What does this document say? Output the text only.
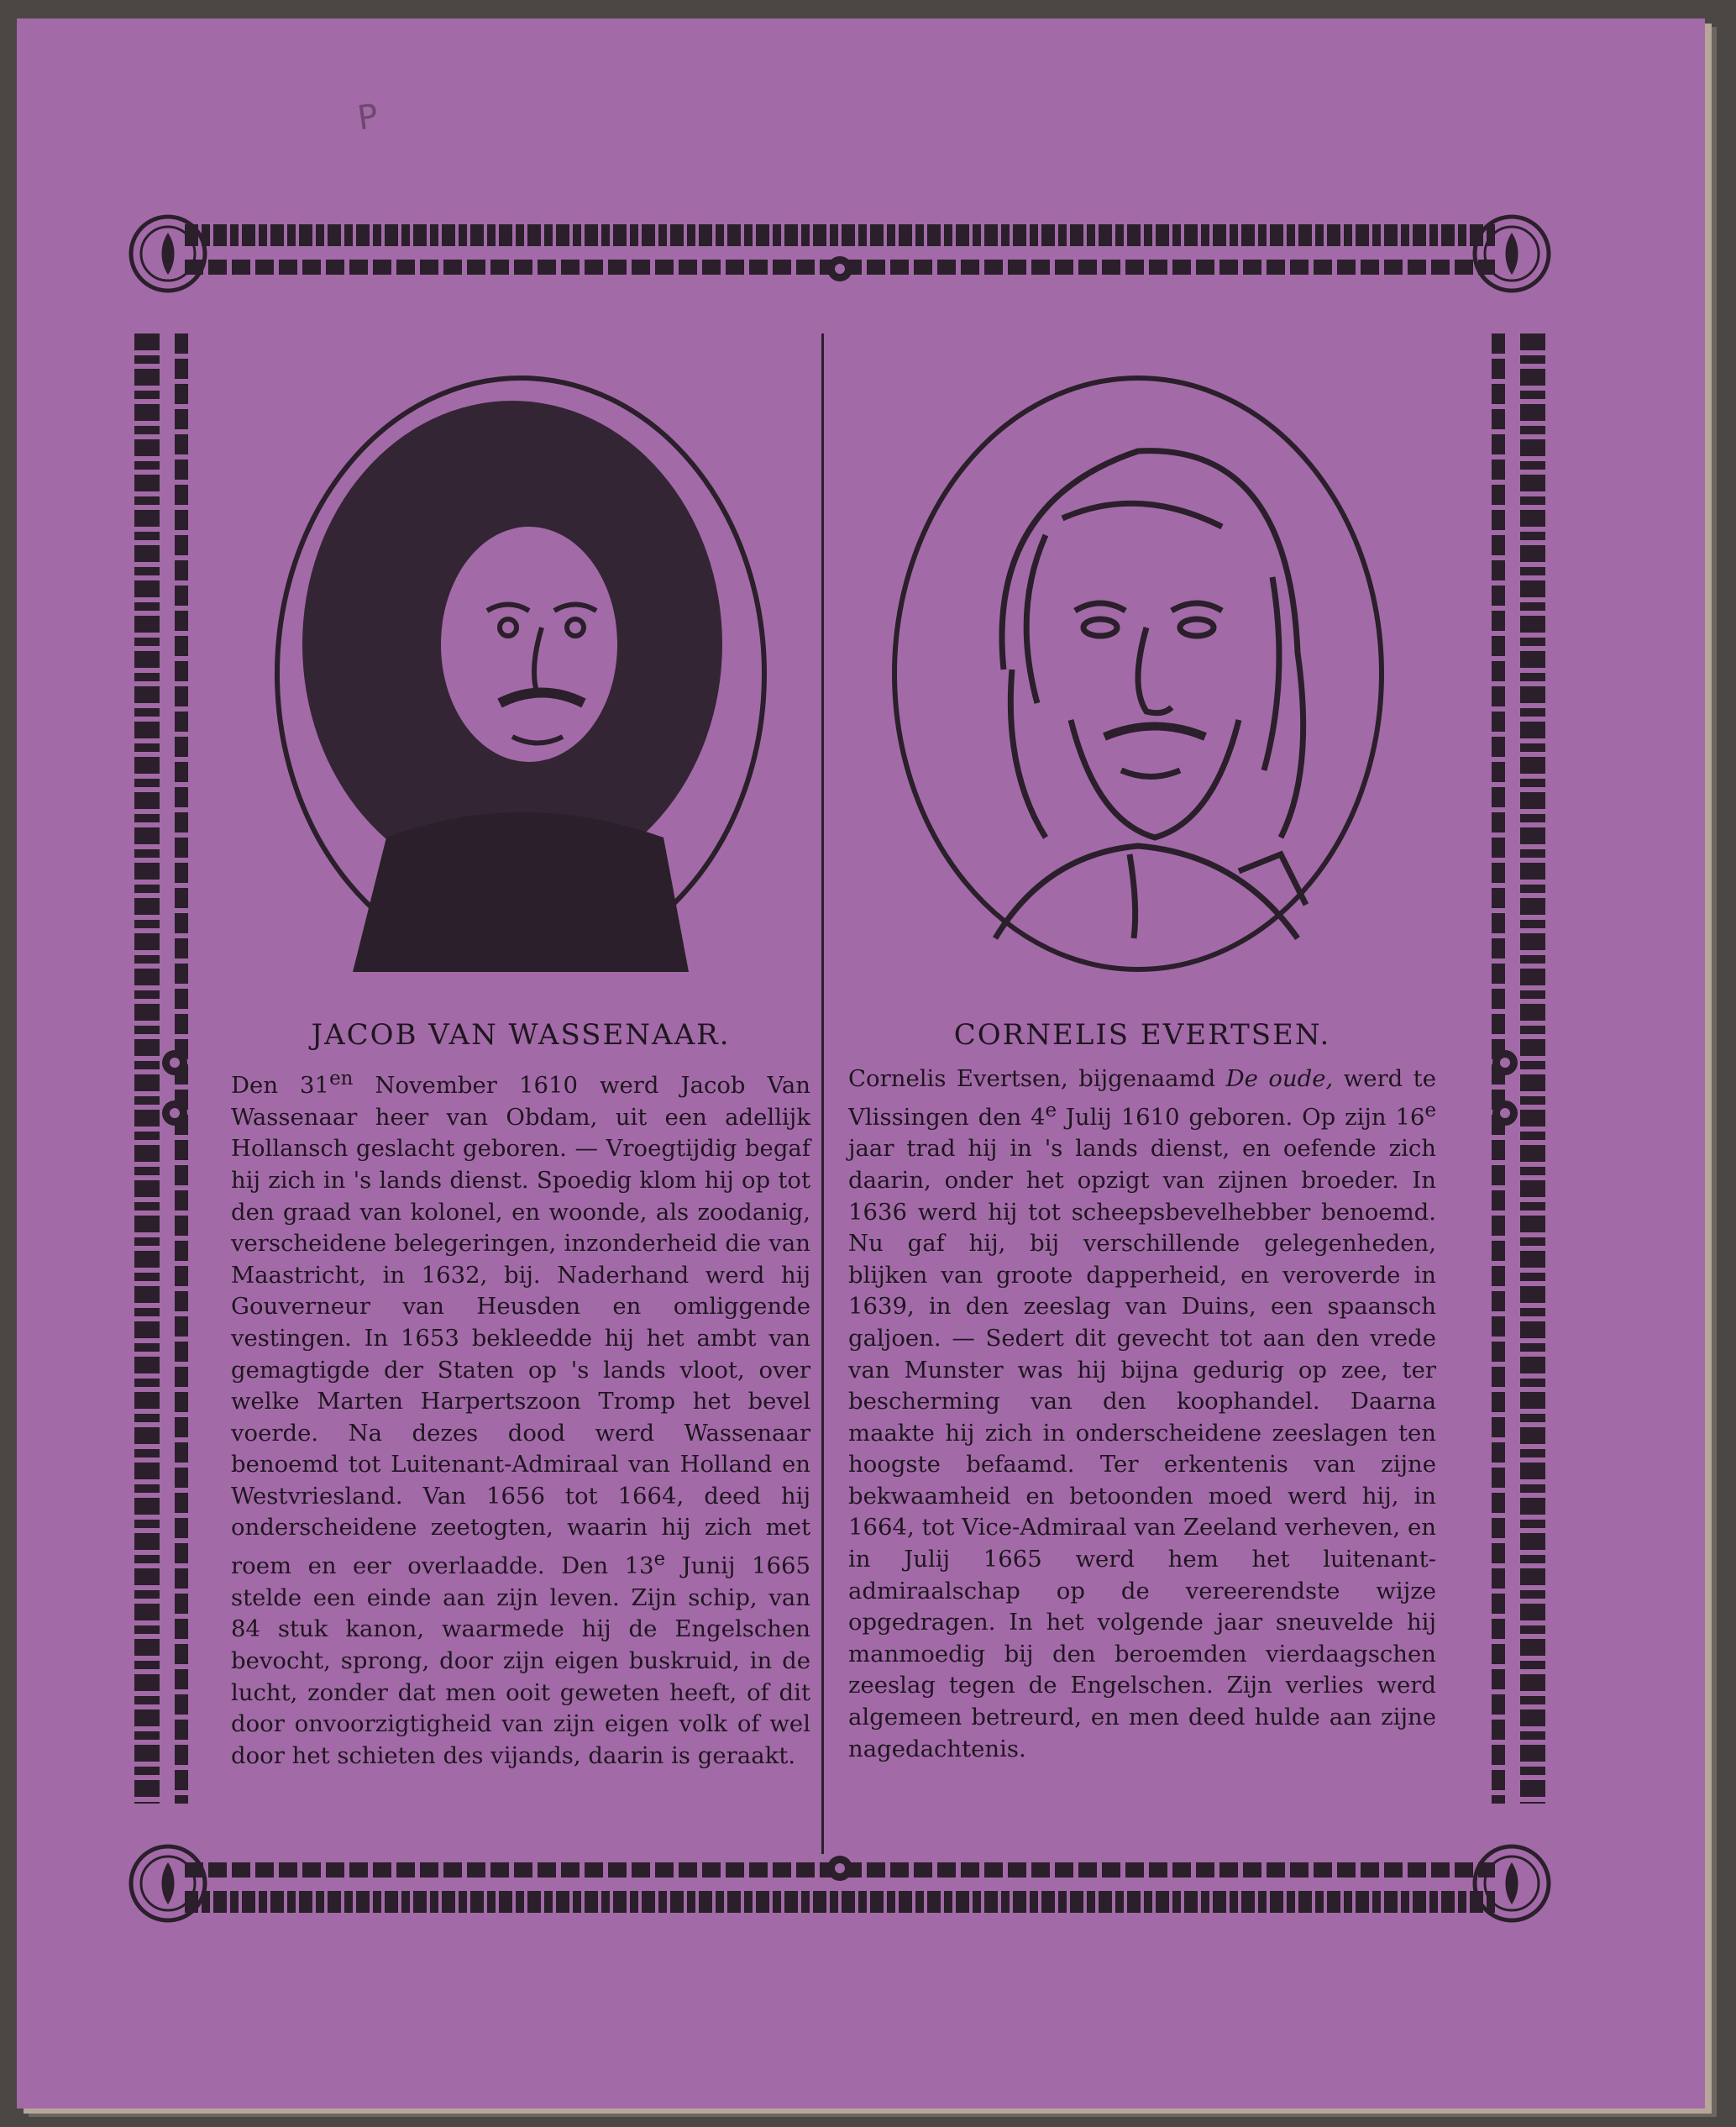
P
JACOB VAN WASSENAAR.

Den $31^{en}$ November 1610 werd Jacob Van Wassenaar heer van Obdam, uit een adellijk Hollansch geslacht geboren. — Vroegtijdig begaf hij zich in 's lands dienst. Spoedig klom hij op tot den graad van kolonel, en woonde, als zoodanig, verscheidene belegeringen, inzonderheid die van Maastricht, in 1632, bij. Naderhand werd hij Gouverneur van Heusden en omliggende vestingen. In 1653 bekleedde hij het ambt van gemagtigde der Staten op 's lands vloot, over welke Marten Harpertszoon Tromp het bevel voerde. Na dezes dood werd Wassenaar benoemd tot Luitenant-Admiraal van Holland en Westvriesland. Van 1656 tot 1664, deed hij onderscheidene zeetogten, waarin hij zich met roem en eer overlaadde. Den 13e Junij 1665 stelde een einde aan zijn leven. Zijn schip, van 84 stuk kanon, waarmede hij de Engelschen bevocht, sprong, door zijn eigen buskruid, in de lucht, zonder dat men ooit geweten heeft, of dit door onvoorzigtigheid van zijn eigen volk of wel door het schieten des vijands, daarin is geraakt.

CORNELIS EVERTSEN.

Cornelis Evertsen, bijgenaamd De oude, werd te Vlissingen den 4e Julij 1610 geboren. Op zijn 16e jaar trad hij in 's lands dienst, en oefende zich daarin, onder het opzigt van zijnen broeder. In 1636 werd hij tot scheepsbevelhebber benoemd. Nu gaf hij, bij verschillende gelegenheden, blijken van groote dapperheid, en veroverde in 1639, in den zeeslag van Duins, een spaansch galjoen. — Sedert dit gevecht tot aan den vrede van Munster was hij bijna gedurig op zee, ter bescherming van den koophandel. Daarna maakte hij zich in onderscheidene zeeslagen ten hoogste befaamd. Ter erkentenis van zijne bekwaamheid en betoonden moed werd hij, in 1664, tot Vice-Admiraal van Zeeland verheven, en in Julij 1665 werd hem het luitenant-admiraalschap op de vereerendste wijze opgedragen. In het volgende jaar sneuvelde hij manmoedig bij den beroemden vierdaagschen zeeslag tegen de Engelschen. Zijn verlies werd algemeen betreurd, en men deed hulde aan zijne nagedachtenis.
